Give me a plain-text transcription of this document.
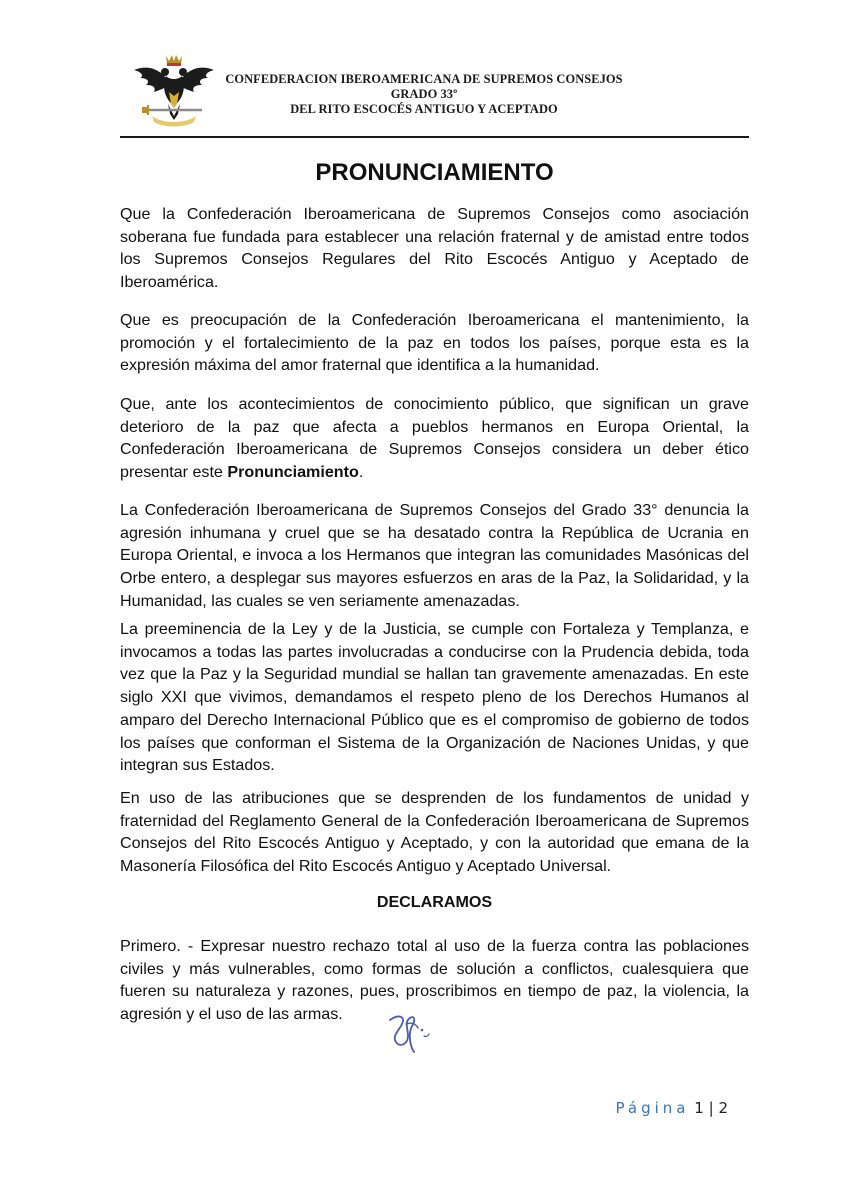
CONFEDERACION IBEROAMERICANA DE SUPREMOS CONSEJOS GRADO 33º
DEL RITO ESCOCÉS ANTIGUO Y ACEPTADO
PRONUNCIAMIENTO

Que la Confederación Iberoamericana de Supremos Consejos como asociación soberana fue fundada para establecer una relación fraternal y de amistad entre todos los Supremos Consejos Regulares del Rito Escocés Antiguo y Aceptado de Iberoamérica.

Que es preocupación de la Confederación Iberoamericana el mantenimiento, la promoción y el fortalecimiento de la paz en todos los países, porque esta es la expresión máxima del amor fraternal que identifica a la humanidad.

Que, ante los acontecimientos de conocimiento público, que significan un grave deterioro de la paz que afecta a pueblos hermanos en Europa Oriental, la Confederación Iberoamericana de Supremos Consejos considera un deber ético presentar este Pronunciamiento.

La Confederación Iberoamericana de Supremos Consejos del Grado 33° denuncia la agresión inhumana y cruel que se ha desatado contra la República de Ucrania en Europa Oriental, e invoca a los Hermanos que integran las comunidades Masónicas del Orbe entero, a desplegar sus mayores esfuerzos en aras de la Paz, la Solidaridad, y la Humanidad, las cuales se ven seriamente amenazadas.

La preeminencia de la Ley y de la Justicia, se cumple con Fortaleza y Templanza, e invocamos a todas las partes involucradas a conducirse con la Prudencia debida, toda vez que la Paz y la Seguridad mundial se hallan tan gravemente amenazadas. En este siglo XXI que vivimos, demandamos el respeto pleno de los Derechos Humanos al amparo del Derecho Internacional Público que es el compromiso de gobierno de todos los países que conforman el Sistema de la Organización de Naciones Unidas, y que integran sus Estados.

En uso de las atribuciones que se desprenden de los fundamentos de unidad y fraternidad del Reglamento General de la Confederación Iberoamericana de Supremos Consejos del Rito Escocés Antiguo y Aceptado, y con la autoridad que emana de la Masonería Filosófica del Rito Escocés Antiguo y Aceptado Universal.

DECLARAMOS

Primero. - Expresar nuestro rechazo total al uso de la fuerza contra las poblaciones civiles y más vulnerables, como formas de solución a conflictos, cualesquiera que fueren su naturaleza y razones, pues, proscribimos en tiempo de paz, la violencia, la agresión y el uso de las armas.

Página 1 | 2
